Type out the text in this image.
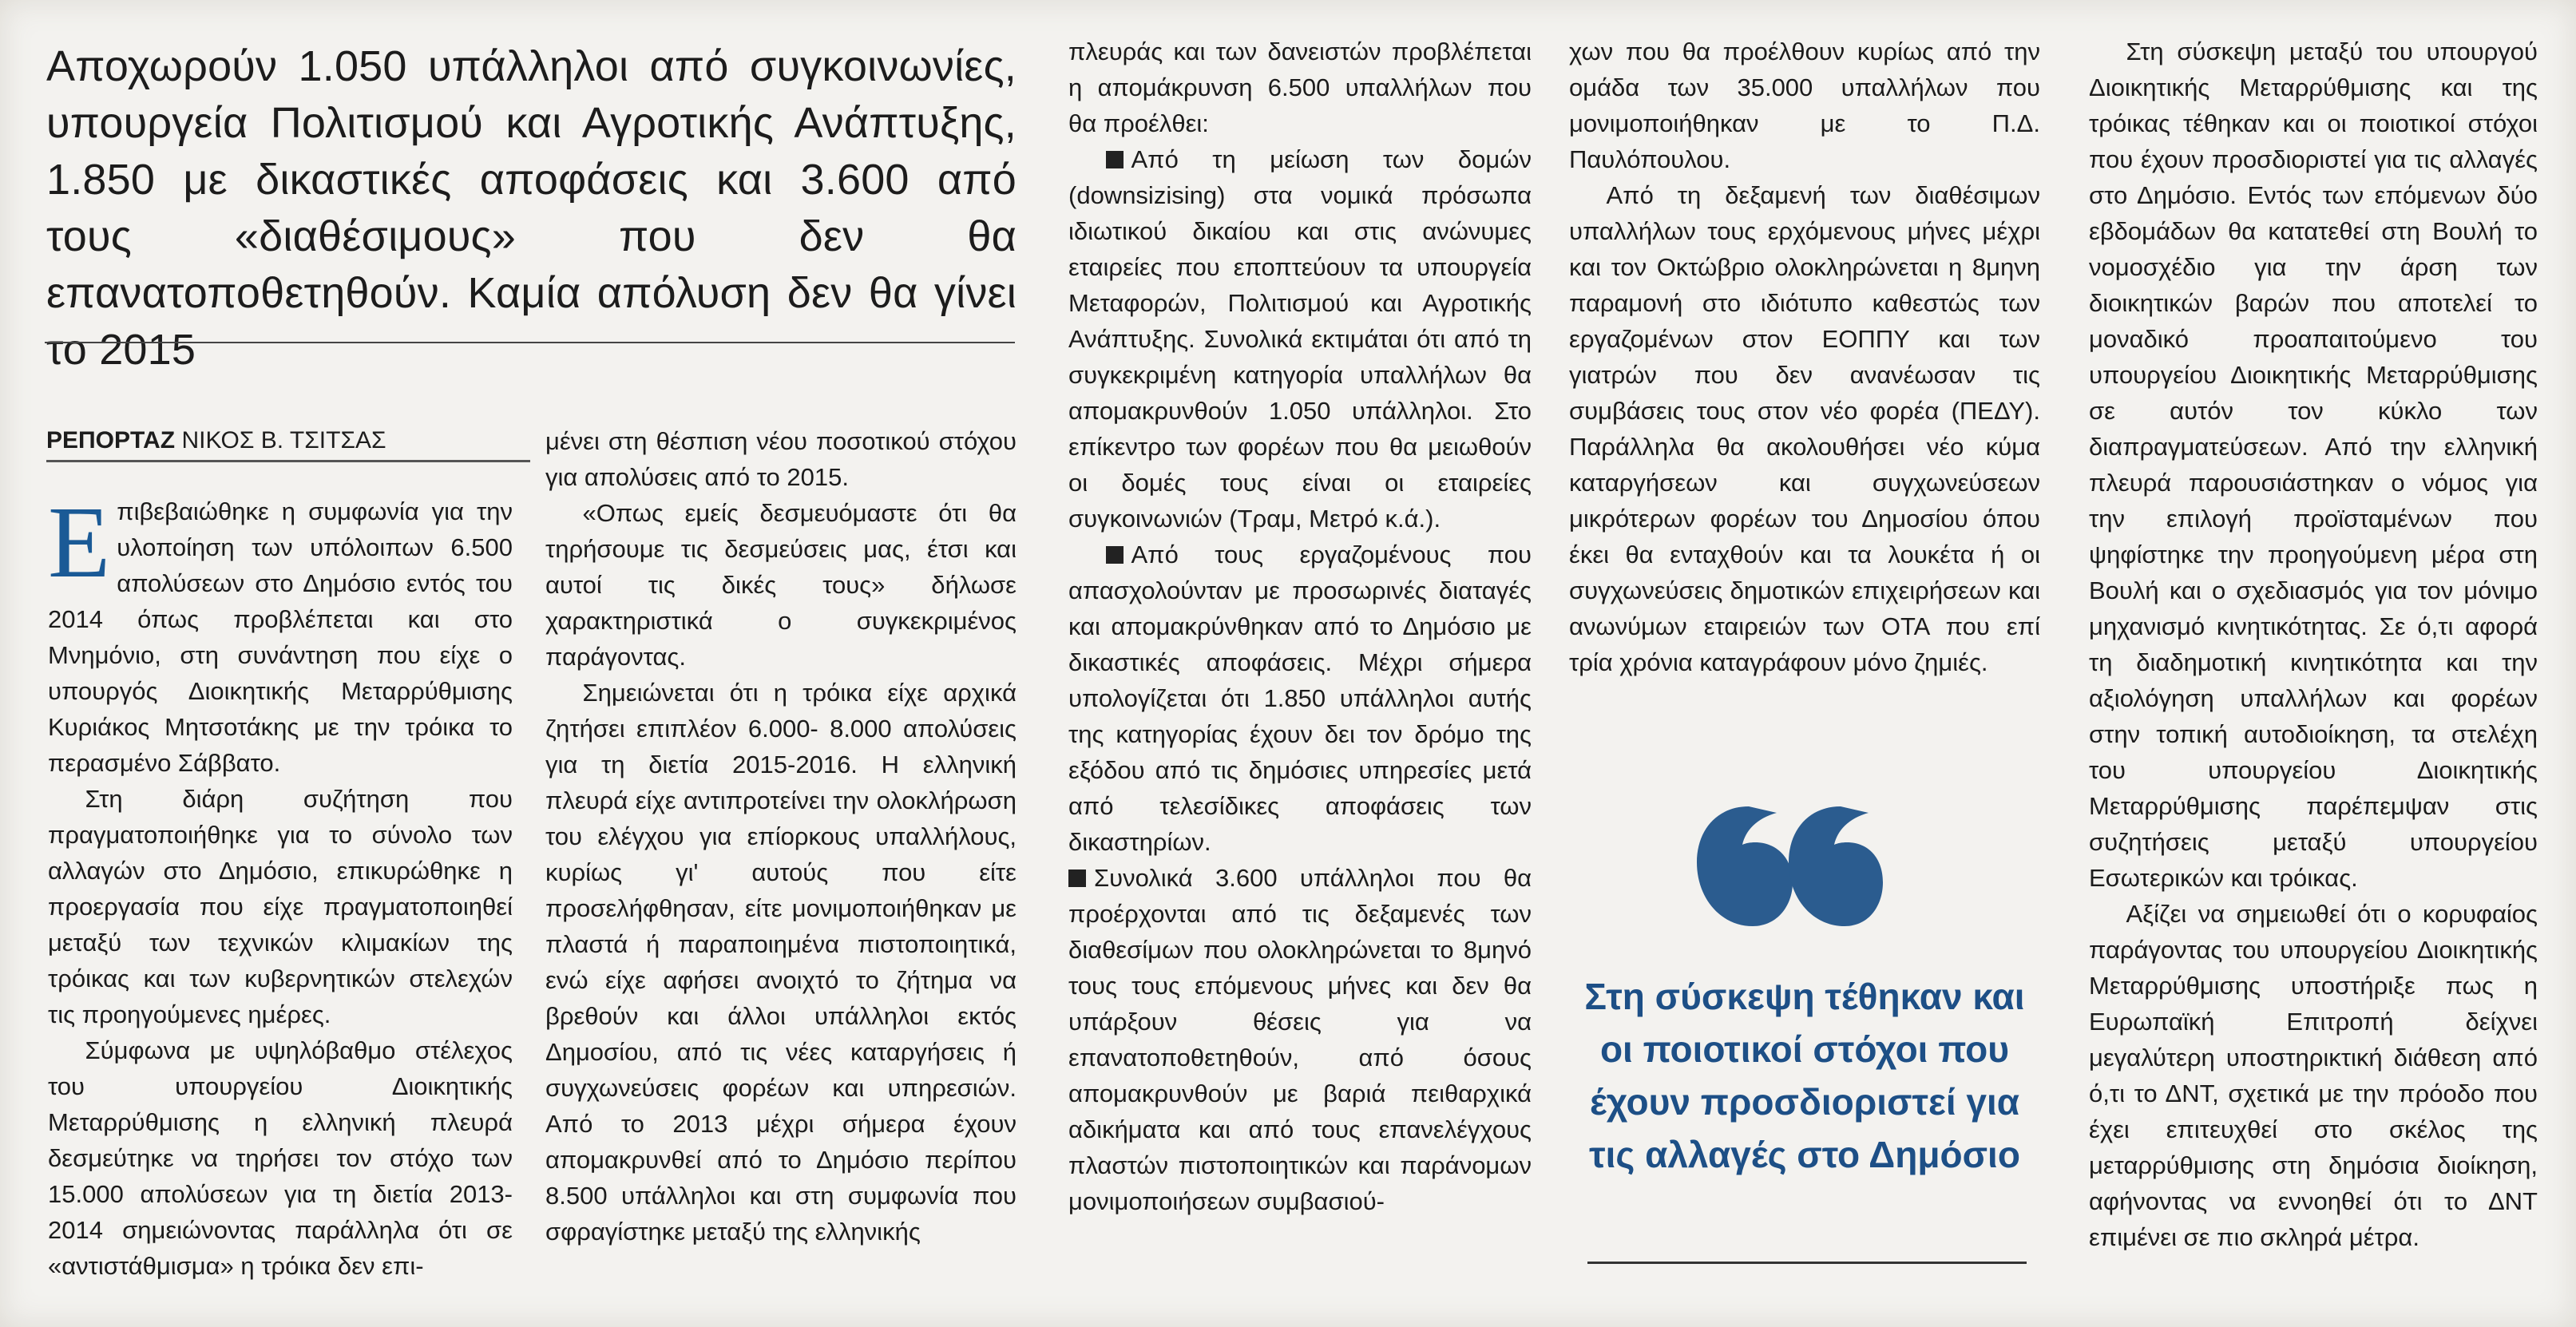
Αποχωρούν 1.050 υπάλληλοι από συγκοινωνίες, υπουργεία Πολιτισμού και Αγροτικής Ανάπτυξης, 1.850 με δικαστικές αποφάσεις και 3.600 από τους «διαθέσιμους» που δεν θα επανατοποθετηθούν. Καμία απόλυση δεν θα γίνει το 2015
ΡΕΠΟΡΤΑΖ ΝΙΚΟΣ Β. ΤΣΙΤΣΑΣ

Επιβεβαιώθηκε η συμφωνία για την υλοποίηση των υπόλοιπων 6.500 απολύσεων στο Δημόσιο εντός του 2014 όπως προβλέπεται και στο Μνημόνιο, στη συνάντηση που είχε ο υπουργός Διοικητικής Μεταρρύθμισης Κυριάκος Μητσοτάκης με την τρόικα το περασμένο Σάββατο.

Στη διάρη συζήτηση που πραγματοποιήθηκε για το σύνολο των αλλαγών στο Δημόσιο, επικυρώθηκε η προεργασία που είχε πραγματοποιηθεί μεταξύ των τεχνικών κλιμακίων της τρόικας και των κυβερνητικών στελεχών τις προηγούμενες ημέρες.

Σύμφωνα με υψηλόβαθμο στέλεχος του υπουργείου Διοικητικής Μεταρρύθμισης η ελληνική πλευρά δεσμεύτηκε να τηρήσει τον στόχο των 15.000 απολύσεων για τη διετία 2013-2014 σημειώνοντας παράλληλα ότι σε «αντιστάθμισμα» η τρόικα δεν επι-

μένει στη θέσπιση νέου ποσοτικού στόχου για απολύσεις από το 2015.

«Οπως εμείς δεσμευόμαστε ότι θα τηρήσουμε τις δεσμεύσεις μας, έτσι και αυτοί τις δικές τους» δήλωσε χαρακτηριστικά ο συγκεκριμένος παράγοντας.

Σημειώνεται ότι η τρόικα είχε αρχικά ζητήσει επιπλέον 6.000- 8.000 απολύσεις για τη διετία 2015-2016. Η ελληνική πλευρά είχε αντιπροτείνει την ολοκλήρωση του ελέγχου για επίορκους υπαλλήλους, κυρίως γι' αυτούς που είτε προσελήφθησαν, είτε μονιμοποιήθηκαν με πλαστά ή παραποιημένα πιστοποιητικά, ενώ είχε αφήσει ανοιχτό το ζήτημα να βρεθούν και άλλοι υπάλληλοι εκτός Δημοσίου, από τις νέες καταργήσεις ή συγχωνεύσεις φορέων και υπηρεσιών. Από το 2013 μέχρι σήμερα έχουν απομακρυνθεί από το Δημόσιο περίπου 8.500 υπάλληλοι και στη συμφωνία που σφραγίστηκε μεταξύ της ελληνικής

πλευράς και των δανειστών προβλέπεται η απομάκρυνση 6.500 υπαλλήλων που θα προέλθει:

Από τη μείωση των δομών (downsizising) στα νομικά πρόσωπα ιδιωτικού δικαίου και στις ανώνυμες εταιρείες που εποπτεύουν τα υπουργεία Μεταφορών, Πολιτισμού και Αγροτικής Ανάπτυξης. Συνολικά εκτιμάται ότι από τη συγκεκριμένη κατηγορία υπαλλήλων θα απομακρυνθούν 1.050 υπάλληλοι. Στο επίκεντρο των φορέων που θα μειωθούν οι δομές τους είναι οι εταιρείες συγκοινωνιών (Τραμ, Μετρό κ.ά.).

Από τους εργαζομένους που απασχολούνταν με προσωρινές διαταγές και απομακρύνθηκαν από το Δημόσιο με δικαστικές αποφάσεις. Μέχρι σήμερα υπολογίζεται ότι 1.850 υπάλληλοι αυτής της κατηγορίας έχουν δει τον δρόμο της εξόδου από τις δημόσιες υπηρεσίες μετά από τελεσίδικες αποφάσεις των δικαστηρίων.

Συνολικά 3.600 υπάλληλοι που θα προέρχονται από τις δεξαμενές των διαθεσίμων που ολοκληρώνεται το 8μηνό τους τους επόμενους μήνες και δεν θα υπάρξουν θέσεις για να επανατοποθετηθούν, από όσους απομακρυνθούν με βαριά πειθαρχικά αδικήματα και από τους επανελέγχους πλαστών πιστοποιητικών και παράνομων μονιμοποιήσεων συμβασιού-

χων που θα προέλθουν κυρίως από την ομάδα των 35.000 υπαλλήλων που μονιμοποιήθηκαν με το Π.Δ. Παυλόπουλου.

Από τη δεξαμενή των διαθέσιμων υπαλλήλων τους ερχόμενους μήνες μέχρι και τον Οκτώβριο ολοκληρώνεται η 8μηνη παραμονή στο ιδιότυπο καθεστώς των εργαζομένων στον ΕΟΠΠΥ και των γιατρών που δεν ανανέωσαν τις συμβάσεις τους στον νέο φορέα (ΠΕΔΥ). Παράλληλα θα ακολουθήσει νέο κύμα καταργήσεων και συγχωνεύσεων μικρότερων φορέων του Δημοσίου όπου έκει θα ενταχθούν και τα λουκέτα ή οι συγχωνεύσεις δημοτικών επιχειρήσεων και ανωνύμων εταιρειών των ΟΤΑ που επί τρία χρόνια καταγράφουν μόνο ζημιές.

Στη σύσκεψη τέθηκαν και οι ποιοτικοί στόχοι που έχουν προσδιοριστεί για τις αλλαγές στο Δημόσιο

Στη σύσκεψη μεταξύ του υπουργού Διοικητικής Μεταρρύθμισης και της τρόικας τέθηκαν και οι ποιοτικοί στόχοι που έχουν προσδιοριστεί για τις αλλαγές στο Δημόσιο. Εντός των επόμενων δύο εβδομάδων θα κατατεθεί στη Βουλή το νομοσχέδιο για την άρση των διοικητικών βαρών που αποτελεί το μοναδικό προαπαιτούμενο του υπουργείου Διοικητικής Μεταρρύθμισης σε αυτόν τον κύκλο των διαπραγματεύσεων. Από την ελληνική πλευρά παρουσιάστηκαν ο νόμος για την επιλογή προϊσταμένων που ψηφίστηκε την προηγούμενη μέρα στη Βουλή και ο σχεδιασμός για τον μόνιμο μηχανισμό κινητικότητας. Σε ό,τι αφορά τη διαδημοτική κινητικότητα και την αξιολόγηση υπαλλήλων και φορέων στην τοπική αυτοδιοίκηση, τα στελέχη του υπουργείου Διοικητικής Μεταρρύθμισης παρέπεμψαν στις συζητήσεις μεταξύ υπουργείου Εσωτερικών και τρόικας.

Αξίζει να σημειωθεί ότι ο κορυφαίος παράγοντας του υπουργείου Διοικητικής Μεταρρύθμισης υποστήριξε πως η Ευρωπαϊκή Επιτροπή δείχνει μεγαλύτερη υποστηρικτική διάθεση από ό,τι το ΔΝΤ, σχετικά με την πρόοδο που έχει επιτευχθεί στο σκέλος της μεταρρύθμισης στη δημόσια διοίκηση, αφήνοντας να εννοηθεί ότι το ΔΝΤ επιμένει σε πιο σκληρά μέτρα.
